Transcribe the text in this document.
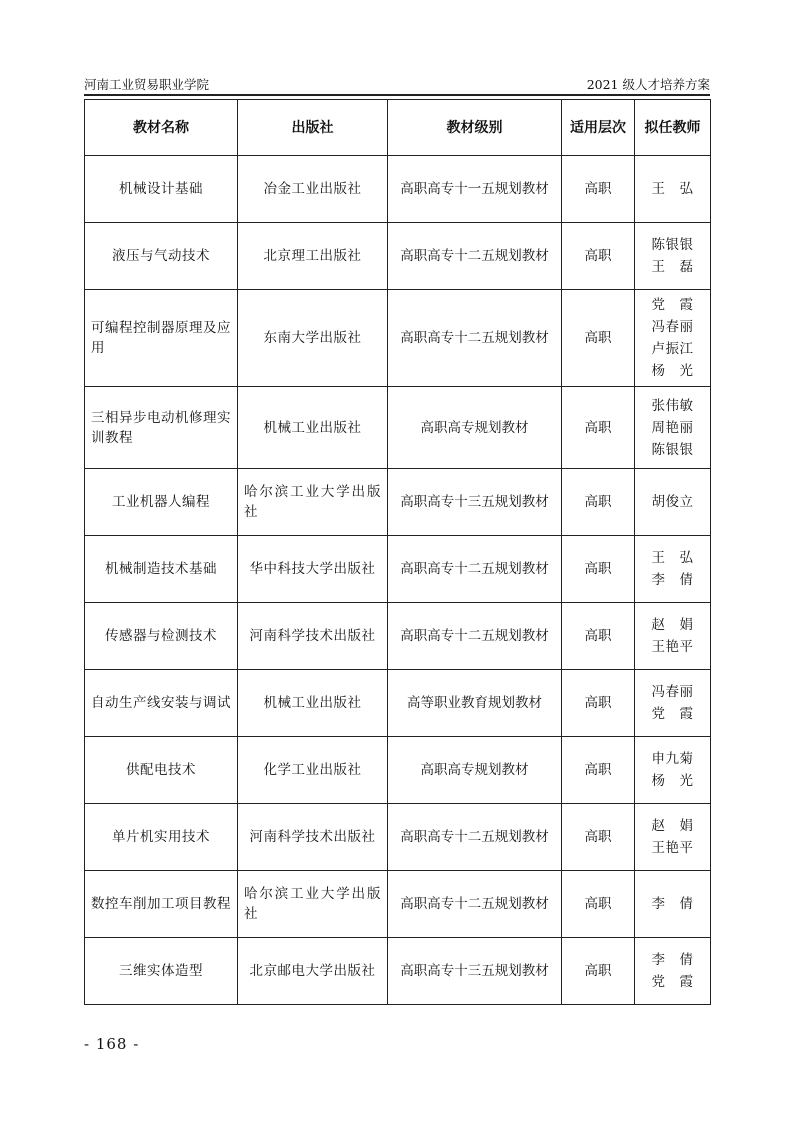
河南工业贸易职业学院	2021 级人才培养方案
教材名称	出版社	教材级别	适用层次	拟任教师
机械设计基础	冶金工业出版社	高职高专十一五规划教材	高职	王　弘

液压与气动技术	北京理工出版社	高职高专十二五规划教材	高职	陈银银
王　磊

可编程控制器原理及应用	东南大学出版社	高职高专十二五规划教材	高职	党　霞
冯春丽
卢振江
杨　光

三相异步电动机修理实训教程	机械工业出版社	高职高专规划教材	高职	张伟敏
周艳丽
陈银银

工业机器人编程	哈尔滨工业大学出版社	高职高专十三五规划教材	高职	胡俊立

机械制造技术基础	华中科技大学出版社	高职高专十二五规划教材	高职	王　弘
李　倩

传感器与检测技术	河南科学技术出版社	高职高专十二五规划教材	高职	赵　娟
王艳平

自动生产线安装与调试	机械工业出版社	高等职业教育规划教材	高职	冯春丽
党　霞

供配电技术	化学工业出版社	高职高专规划教材	高职	申九菊
杨　光

单片机实用技术	河南科学技术出版社	高职高专十二五规划教材	高职	赵　娟
王艳平

数控车削加工项目教程	哈尔滨工业大学出版社	高职高专十二五规划教材	高职	李　倩

三维实体造型	北京邮电大学出版社	高职高专十三五规划教材	高职	李　倩
党　霞
- 168 -
